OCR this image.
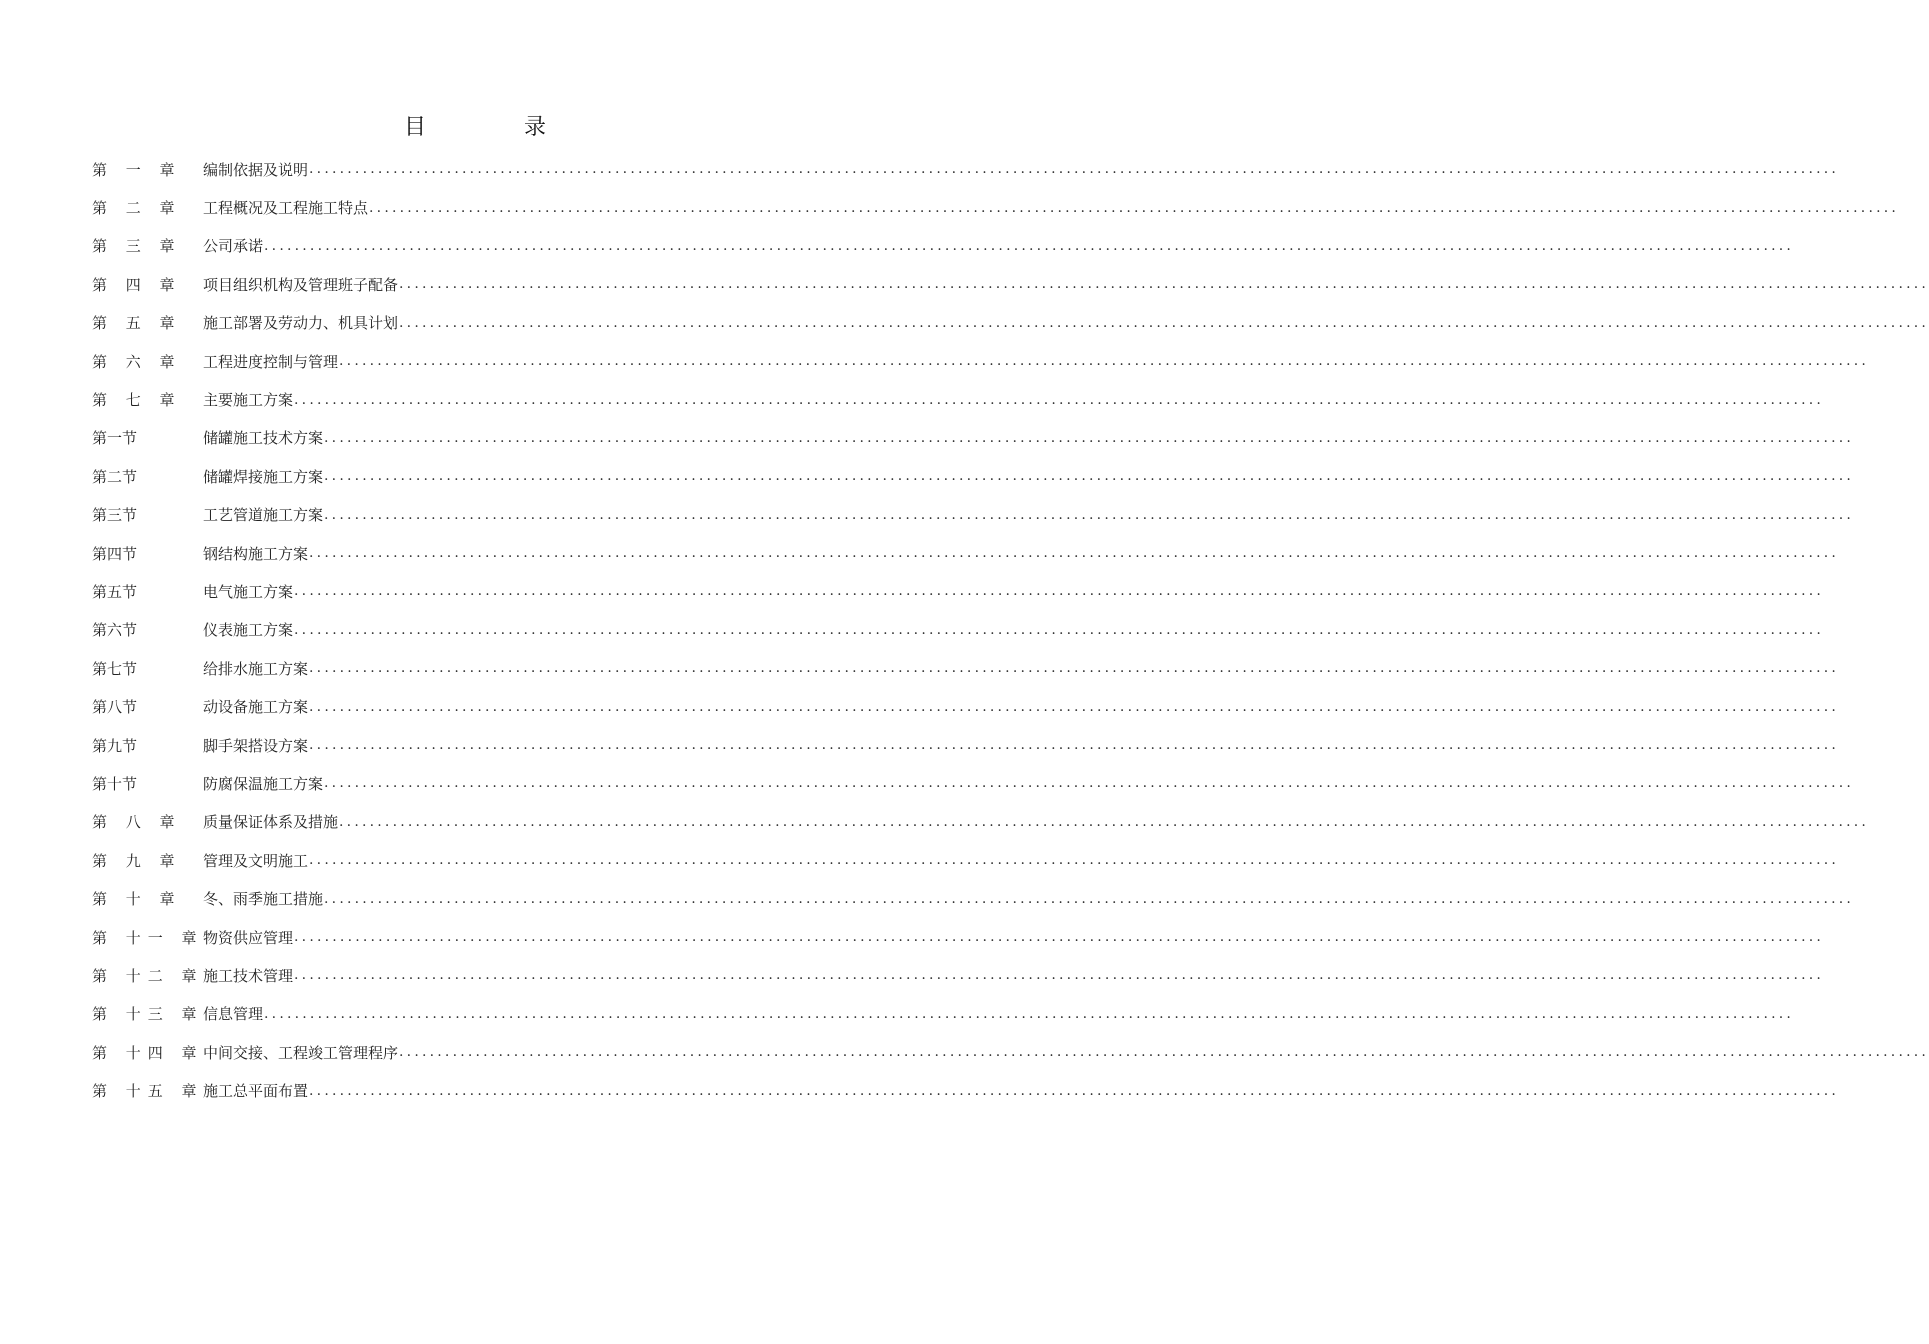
目　录
第 一 章	编制依据及说明 ........................................................................................................................................................................................................
第 二 章	工程概况及工程施工特点 ........................................................................................................................................................................................................
第 三 章	公司承诺 ........................................................................................................................................................................................................
第 四 章	项目组织机构及管理班子配备 ........................................................................................................................................................................................................
第 五 章	施工部署及劳动力、机具计划 ........................................................................................................................................................................................................
第 六 章	工程进度控制与管理 ........................................................................................................................................................................................................
第 七 章	主要施工方案 ........................................................................................................................................................................................................
第一节	储罐施工技术方案 ........................................................................................................................................................................................................
第二节	储罐焊接施工方案 ........................................................................................................................................................................................................
第三节	工艺管道施工方案 ........................................................................................................................................................................................................
第四节	钢结构施工方案 ........................................................................................................................................................................................................
第五节	电气施工方案 ........................................................................................................................................................................................................
第六节	仪表施工方案 ........................................................................................................................................................................................................
第七节	给排水施工方案 ........................................................................................................................................................................................................
第八节	动设备施工方案 ........................................................................................................................................................................................................
第九节	脚手架搭设方案 ........................................................................................................................................................................................................
第十节	防腐保温施工方案 ........................................................................................................................................................................................................
第 八 章	质量保证体系及措施 ........................................................................................................................................................................................................
第 九 章	管理及文明施工 ........................................................................................................................................................................................................
第 十 章	冬、雨季施工措施 ........................................................................................................................................................................................................
第 十一 章 物资供应管理 ........................................................................................................................................................................................................
第 十二 章 施工技术管理 ........................................................................................................................................................................................................
第 十三 章 信息管理 ........................................................................................................................................................................................................
第 十四 章 中间交接、工程竣工管理程序 ........................................................................................................................................................................................................
第 十五 章 施工总平面布置 ........................................................................................................................................................................................................
